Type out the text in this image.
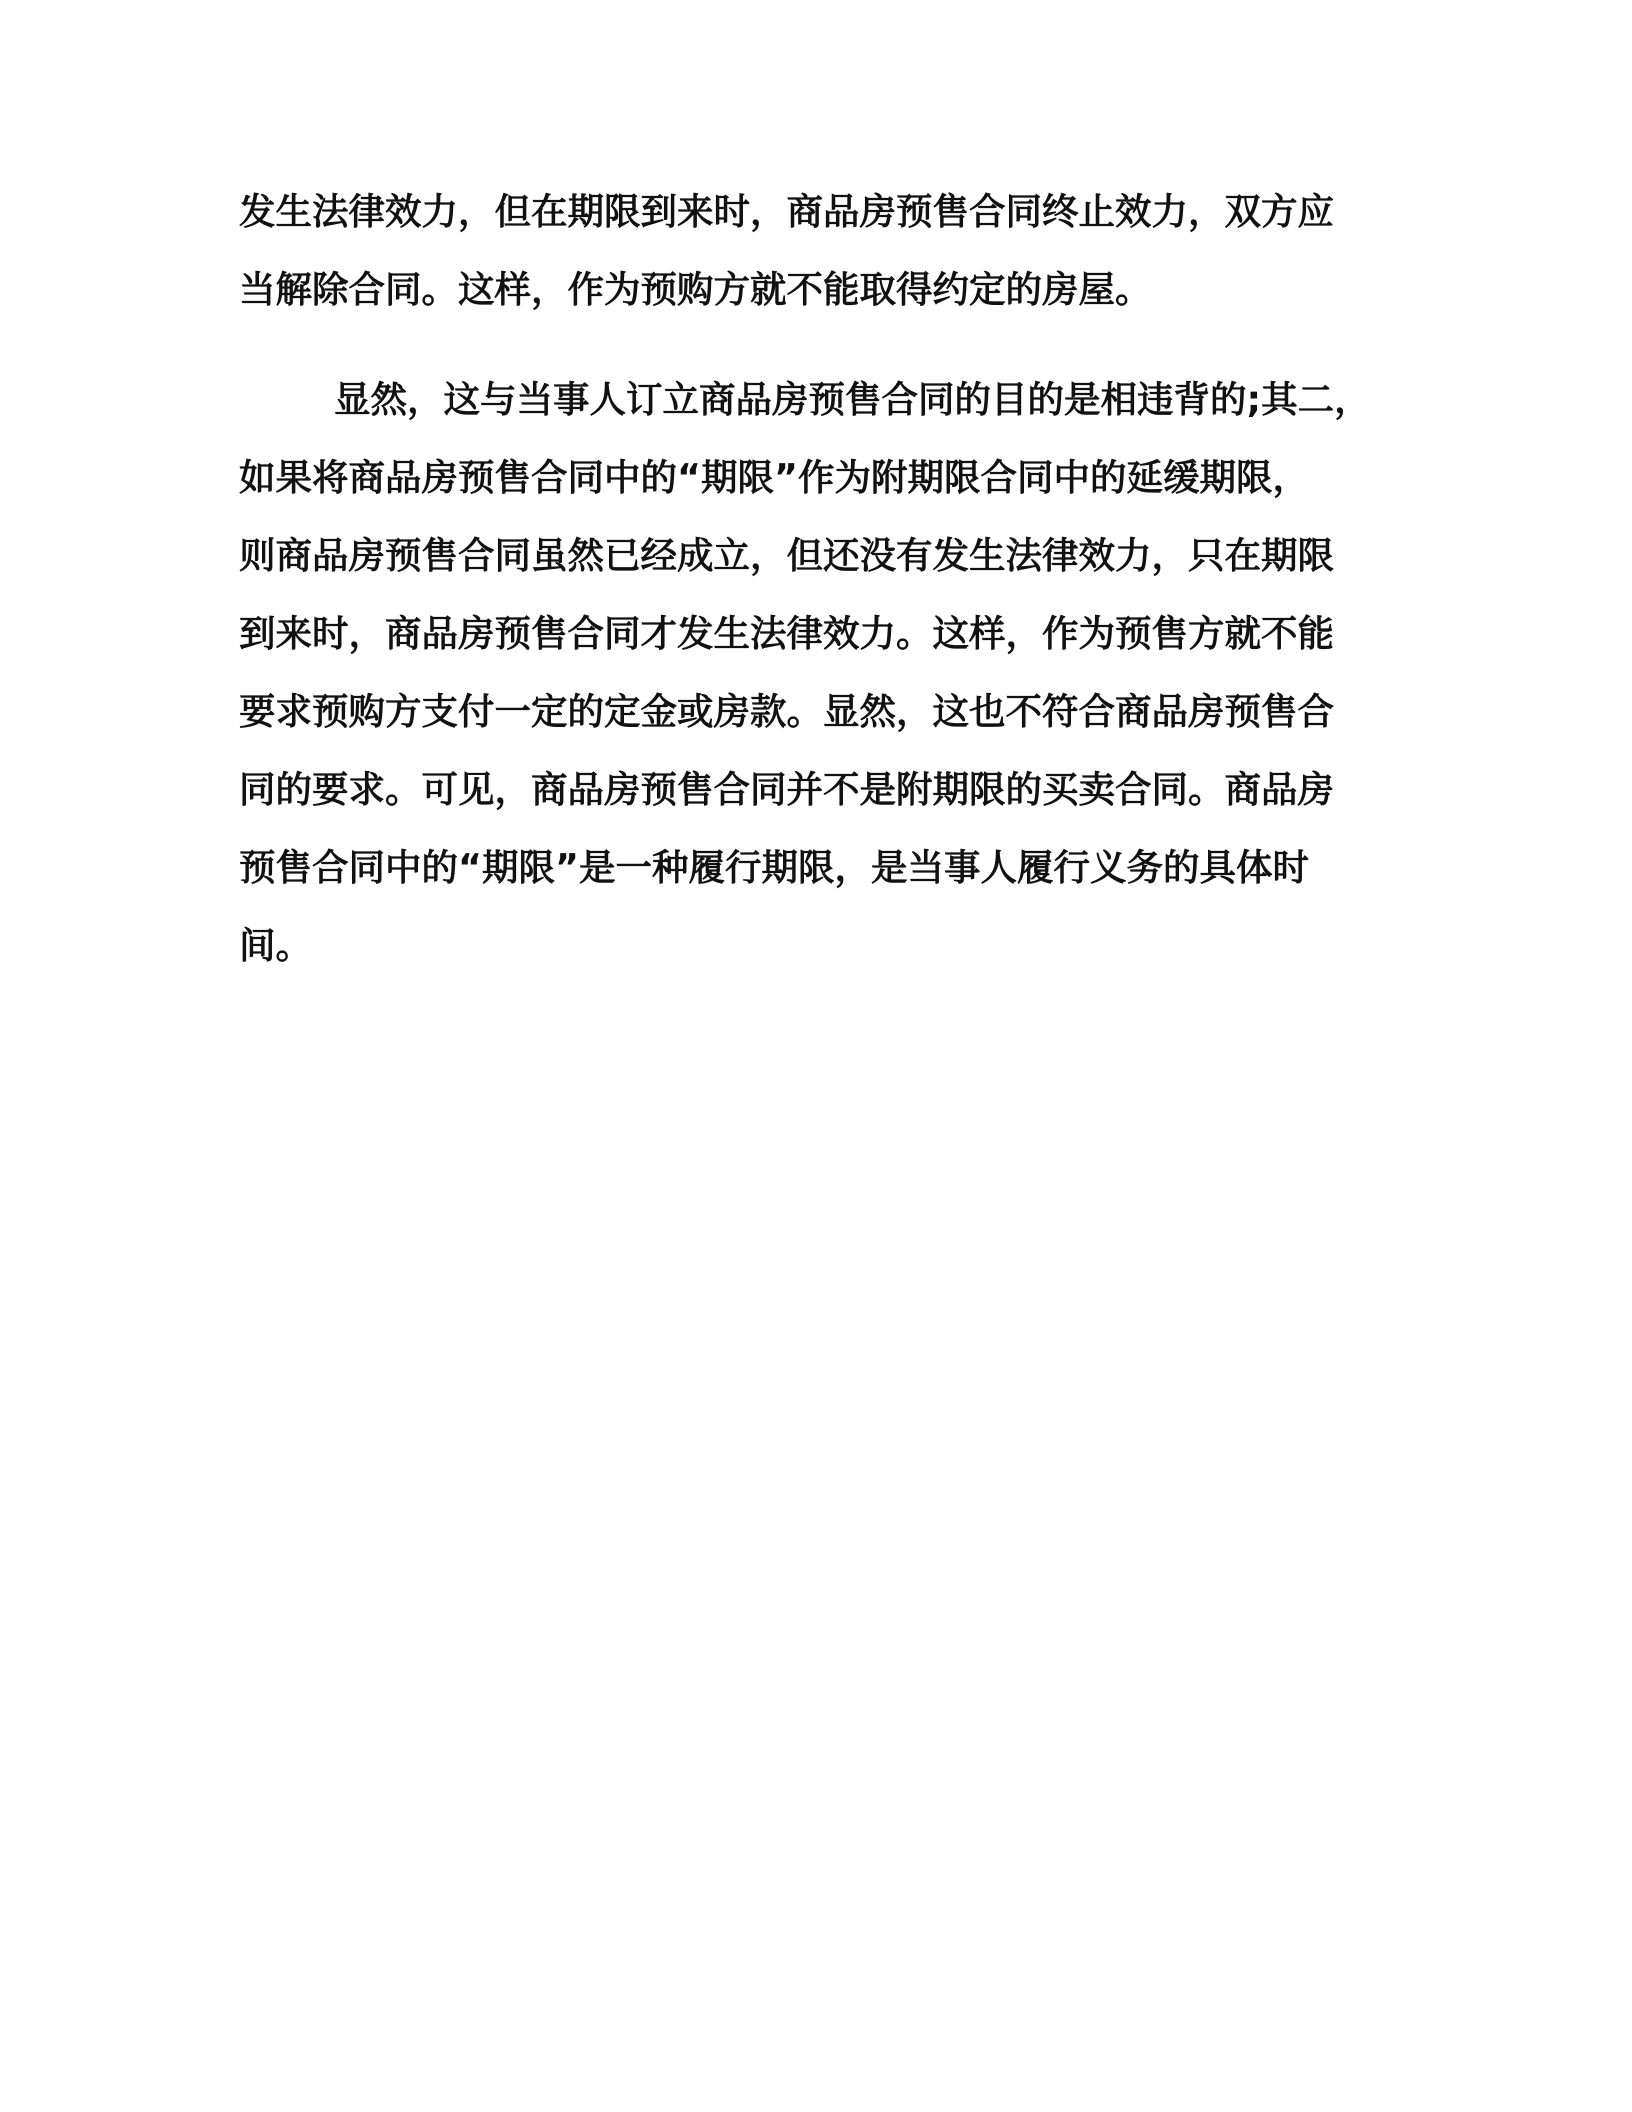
发生法律效力，但在期限到来时，商品房预售合同终止效力，双方应
当解除合同。这样，作为预购方就不能取得约定的房屋。
显然，这与当事人订立商品房预售合同的目的是相违背的;其二，
如果将商品房预售合同中的“期限”作为附期限合同中的延缓期限，
则商品房预售合同虽然已经成立，但还没有发生法律效力，只在期限
到来时，商品房预售合同才发生法律效力。这样，作为预售方就不能
要求预购方支付一定的定金或房款。显然，这也不符合商品房预售合
同的要求。可见，商品房预售合同并不是附期限的买卖合同。商品房
预售合同中的“期限”是一种履行期限，是当事人履行义务的具体时
间。
